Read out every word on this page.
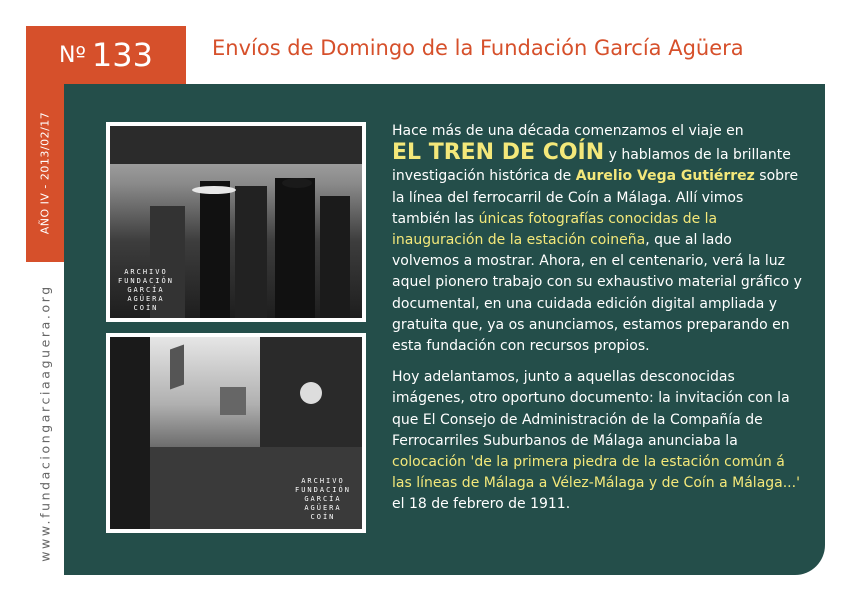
Nº 133	Envíos de Domingo de la Fundación García Agüera
AÑO IV - 2013/02/17
www.fundaciongarciaaguera.org
ARCHIVO
FUNDACIÓN
GARCÍA
AGÜERA
COÍN
ARCHIVO
FUNDACIÓN
GARCÍA
AGÜERA
COÍN

Hace más de una década comenzamos el viaje en
EL TREN DE COÍN y hablamos de la brillante investigación histórica de Aurelio Vega Gutiérrez sobre la línea del ferrocarril de Coín a Málaga. Allí vimos también las únicas fotografías conocidas de la inauguración de la estación coineña, que al lado volvemos a mostrar. Ahora, en el centenario, verá la luz aquel pionero trabajo con su exhaustivo material gráfico y documental, en una cuidada edición digital ampliada y gratuita que, ya os anunciamos, estamos preparando en esta fundación con recursos propios.

Hoy adelantamos, junto a aquellas desconocidas imágenes, otro oportuno documento: la invitación con la que El Consejo de Administración de la Compañía de Ferrocarriles Suburbanos de Málaga anunciaba la colocación 'de la primera piedra de la estación común á las líneas de Málaga a Vélez-Málaga y de Coín a Málaga...' el 18 de febrero de 1911.
